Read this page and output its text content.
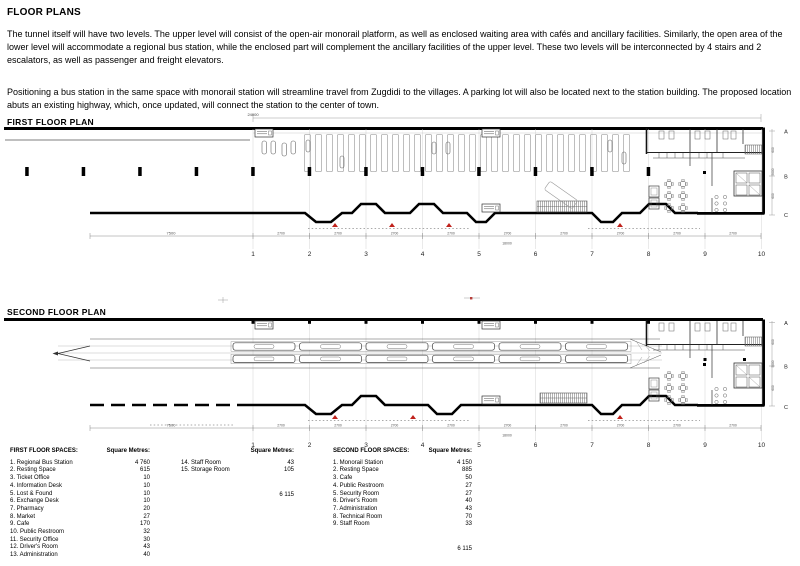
FLOOR PLANS
The tunnel itself will have two levels. The upper level will consist of the open-air monorail platform, as well as enclosed waiting area with cafés and ancillary facilities. Similarly, the open area of the lower level will accommodate a regional bus station, while the enclosed part will complement the ancillary facilities of the upper level. These two levels will be interconnected by 4 stairs and 2 escalators, as well as passenger and freight elevators.
Positioning a bus station in the same space with monorail station will streamline travel from Zugdidi to the villages. A parking lot will also be located next to the station building. The proposed location abuts an existing highway, which, once updated, will connect the station to the center of town.
FIRST FLOOR PLAN
SECOND FLOOR PLAN
24000
7500	2700	2700	2700	2700	2700	2700	2700	2700	2700
18000
1	2	3	4	5	6	7	8	9	10
600
5000
600
A
B
C
7500	2700	2700	2700	2700	2700	2700	2700	2700	2700
18000
1	2	3	4	5	6	7	8	9	10
600
5000
600
A
B
C
FIRST FLOOR SPACES:	Square Metres:
1. Regional Bus Station	4 760
2. Resting Space	615
3. Ticket Office	10
4. Information Desk	10
5. Lost & Found	10
6. Exchange Desk	10
7. Pharmacy	20
8. Market	27
9. Cafe	170
10. Public Restroom	32
11. Security Office	30
12. Driver's Room	43
13. Administration	40
Square Metres:
14. Staff Room	43
15. Storage Room	105
6 115
SECOND FLOOR SPACES:	Square Metres:
1. Monorail Station	4 150
2. Resting Space	885
3. Cafe	50
4. Public Restroom	27
5. Security Room	27
6. Driver's Room	40
7. Administration	43
8. Technical Room	70
9. Staff Room	33
6 115
